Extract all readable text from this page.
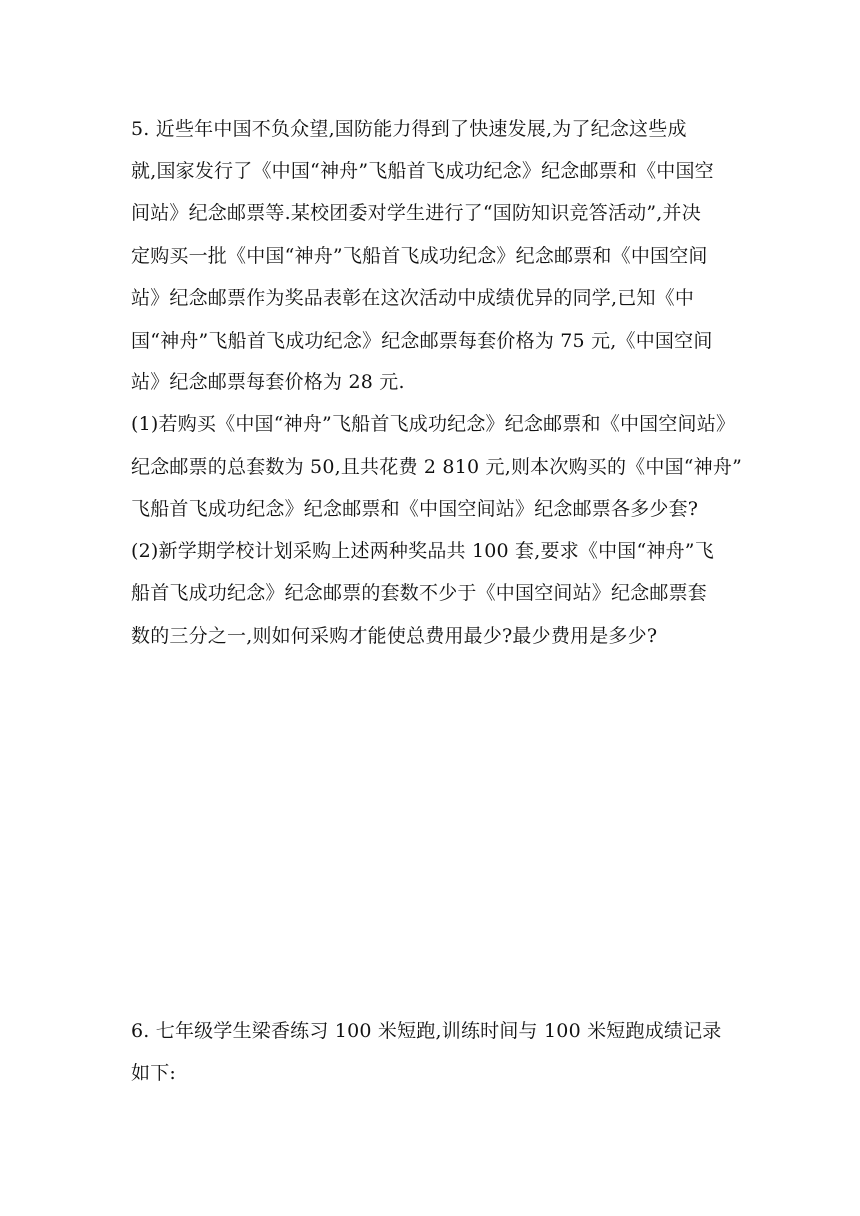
5. 近些年中国不负众望,国防能力得到了快速发展,为了纪念这些成
就,国家发行了《中国“神舟”飞船首飞成功纪念》纪念邮票和《中国空
间站》纪念邮票等.某校团委对学生进行了“国防知识竞答活动”,并决
定购买一批《中国“神舟”飞船首飞成功纪念》纪念邮票和《中国空间
站》纪念邮票作为奖品表彰在这次活动中成绩优异的同学,已知《中
国“神舟”飞船首飞成功纪念》纪念邮票每套价格为 75 元,《中国空间
站》纪念邮票每套价格为 28 元.
(1)若购买《中国“神舟”飞船首飞成功纪念》纪念邮票和《中国空间站》
纪念邮票的总套数为 50,且共花费 2 810 元,则本次购买的《中国“神舟”
飞船首飞成功纪念》纪念邮票和《中国空间站》纪念邮票各多少套?
(2)新学期学校计划采购上述两种奖品共 100 套,要求《中国“神舟”飞
船首飞成功纪念》纪念邮票的套数不少于《中国空间站》纪念邮票套
数的三分之一,则如何采购才能使总费用最少?最少费用是多少?
6. 七年级学生梁香练习 100 米短跑,训练时间与 100 米短跑成绩记录
如下:
